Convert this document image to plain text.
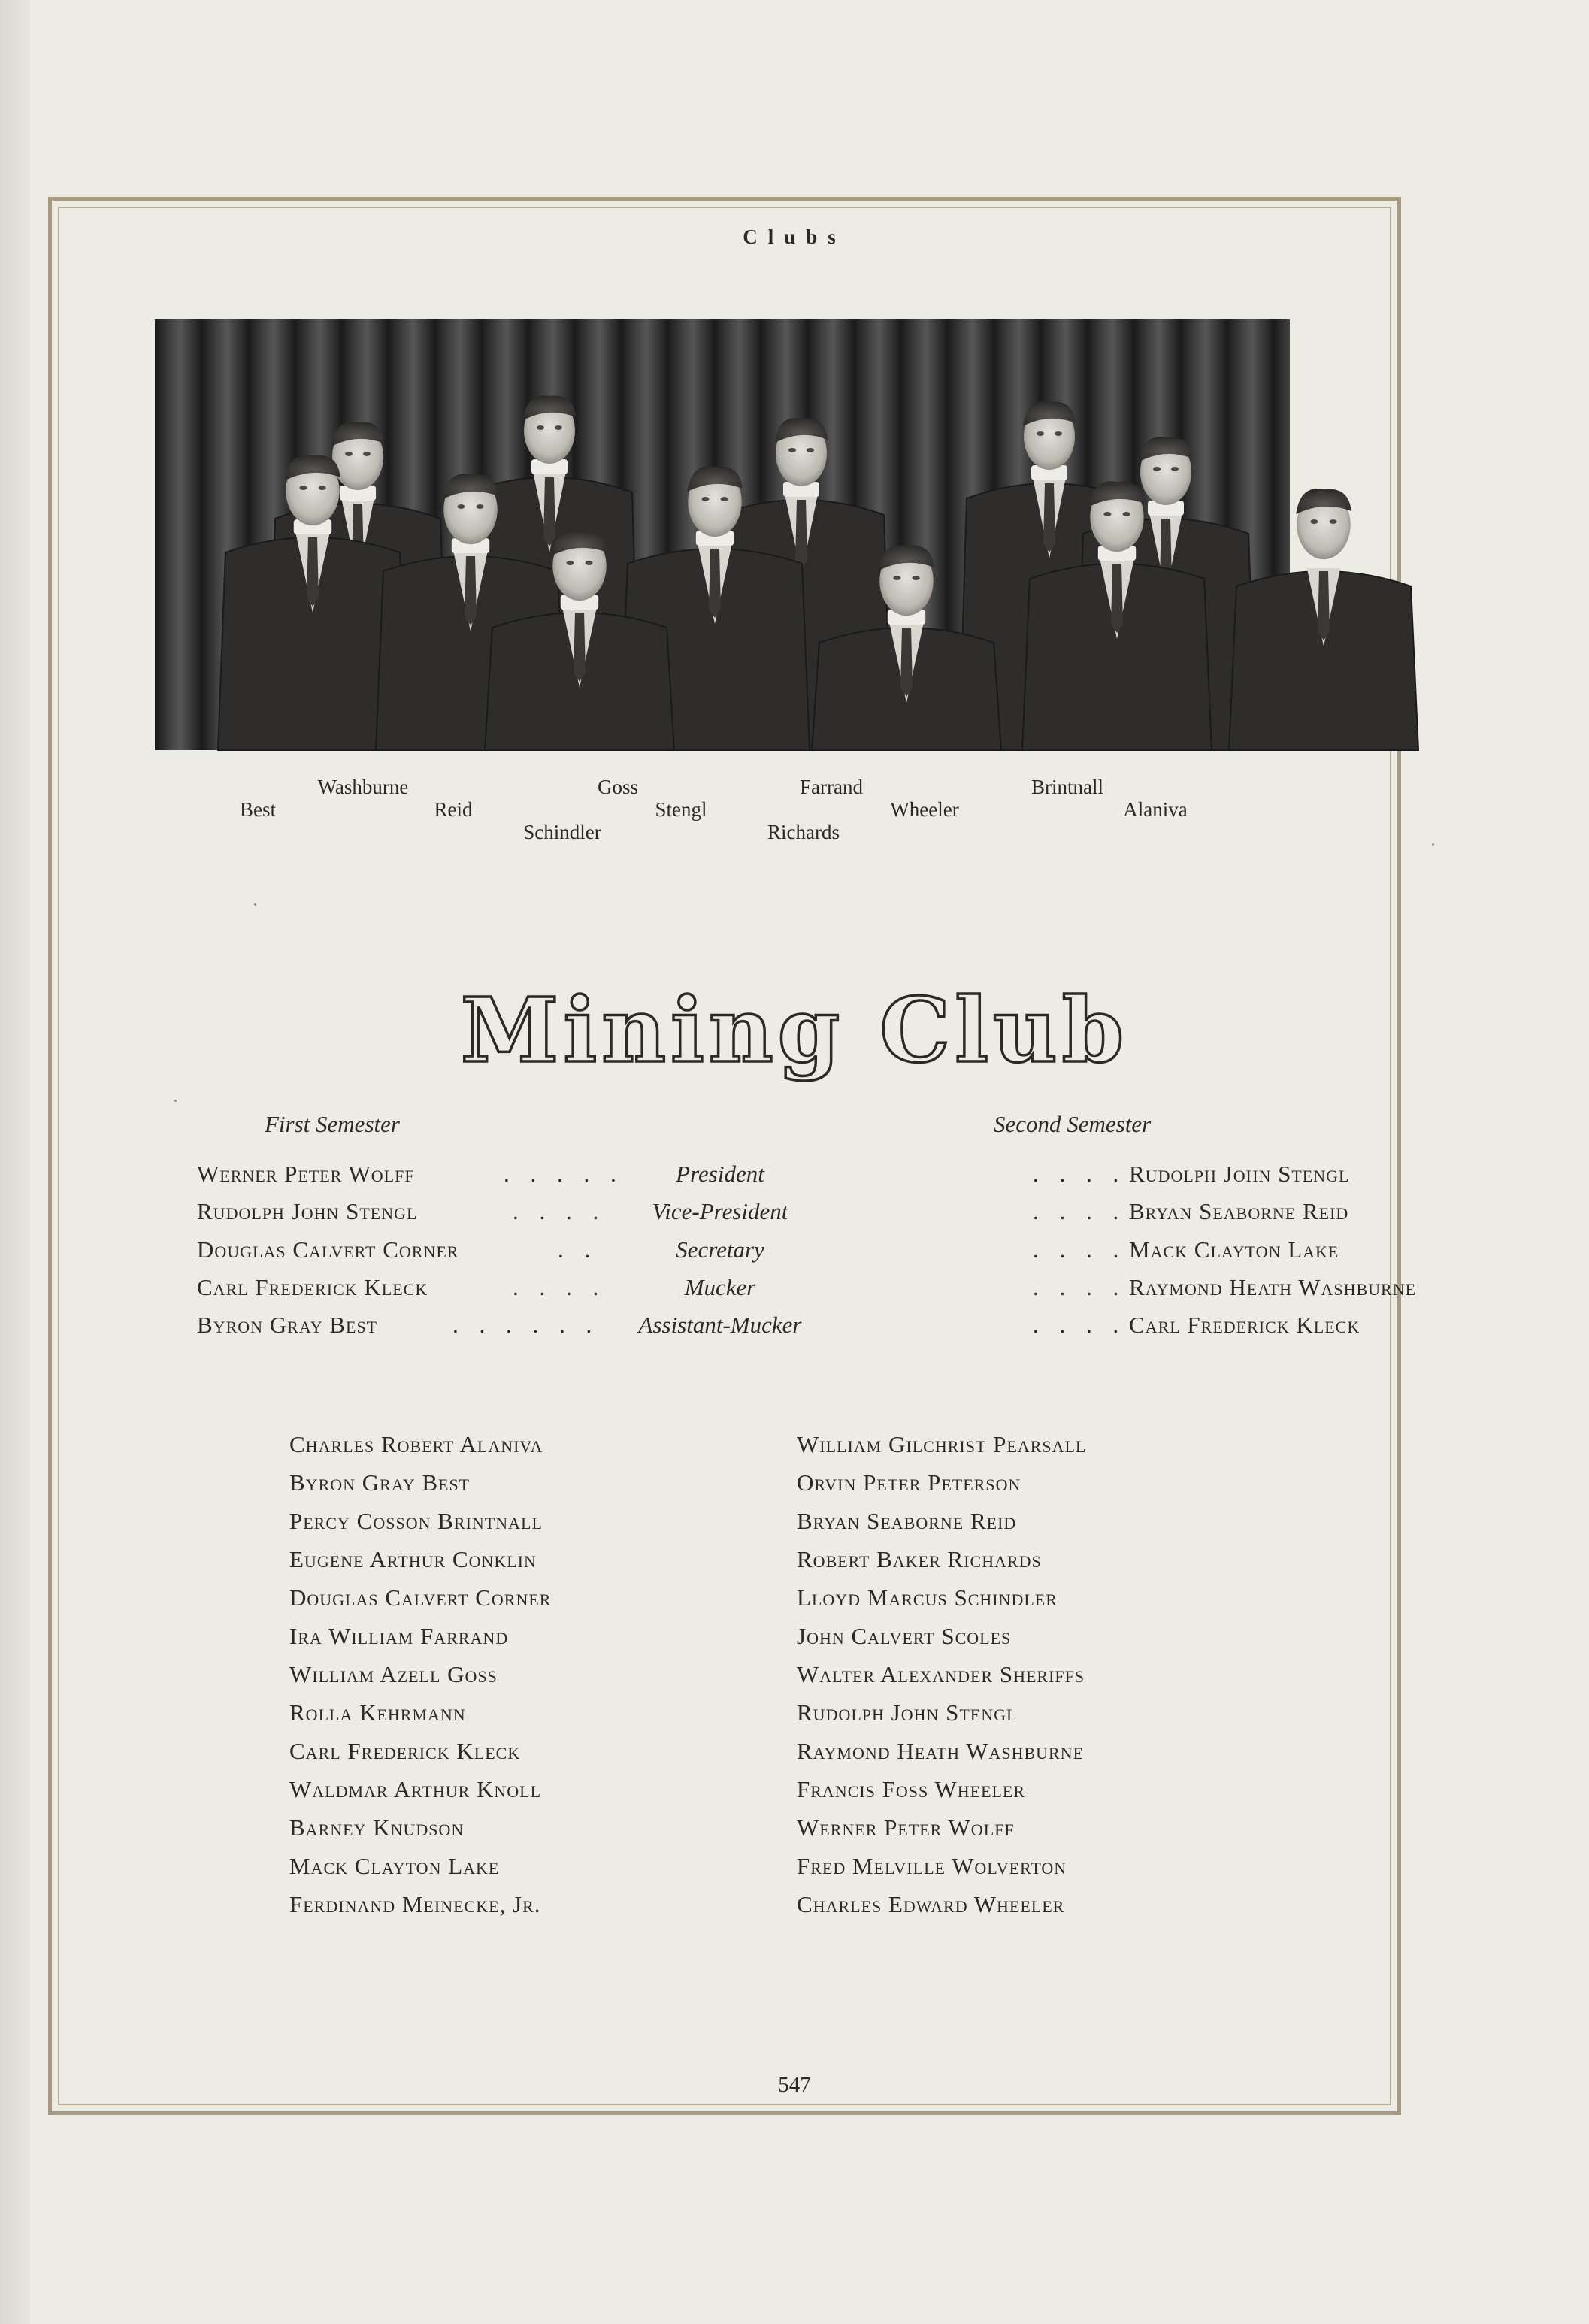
Clubs
Washburne	Goss	Farrand	Brintnall
Best	Reid	Stengl	Wheeler	Alaniva
Schindler	Richards
Mining Club
First Semester	Second Semester
Werner Peter Wolff	. . . . . President	. . . . Rudolph John Stengl
Rudolph John Stengl	. . . . Vice-President	. . . . Bryan Seaborne Reid
Douglas Calvert Corner	. .	Secretary	. . . . Mack Clayton Lake
Carl Frederick Kleck	. . . .	Mucker	. . . . Raymond Heath Washburne
Byron Gray Best	. . . . . . Assistant-Mucker	. . . . Carl Frederick Kleck
Charles Robert Alaniva
Byron Gray Best
Percy Cosson Brintnall
Eugene Arthur Conklin
Douglas Calvert Corner
Ira William Farrand
William Azell Goss
Rolla Kehrmann
Carl Frederick Kleck
Waldmar Arthur Knoll
Barney Knudson
Mack Clayton Lake
Ferdinand Meinecke, Jr.
William Gilchrist Pearsall
Orvin Peter Peterson
Bryan Seaborne Reid
Robert Baker Richards
Lloyd Marcus Schindler
John Calvert Scoles
Walter Alexander Sheriffs
Rudolph John Stengl
Raymond Heath Washburne
Francis Foss Wheeler
Werner Peter Wolff
Fred Melville Wolverton
Charles Edward Wheeler
547
